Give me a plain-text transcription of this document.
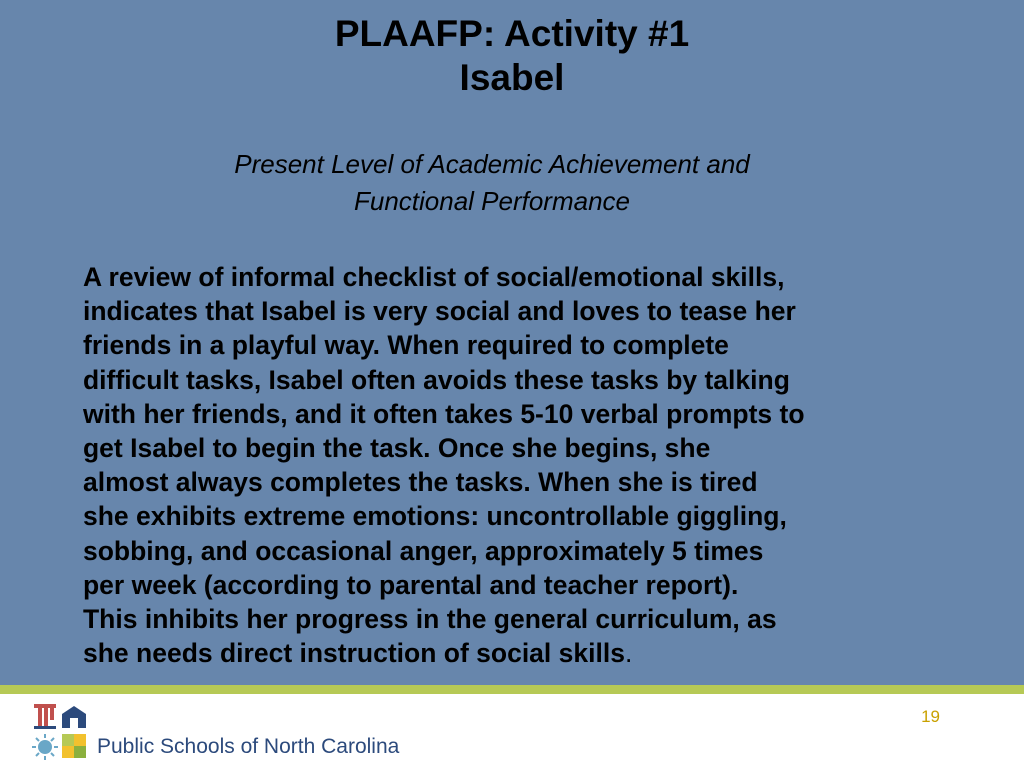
PLAAFP: Activity #1
Isabel
Present Level of Academic Achievement and
Functional Performance
A review of informal checklist of social/emotional skills,
indicates that Isabel is very social and loves to tease her
friends in a playful way. When required to complete
difficult tasks, Isabel often avoids these tasks by talking
with her friends, and it often takes 5-10 verbal prompts to
get Isabel to begin the task. Once she begins, she
almost always completes the tasks. When she is tired
she exhibits extreme emotions: uncontrollable giggling,
sobbing, and occasional anger, approximately 5 times
per week (according to parental and teacher report).
This inhibits her progress in the general curriculum, as
she needs direct instruction of social skills.
19
Public Schools of North Carolina
